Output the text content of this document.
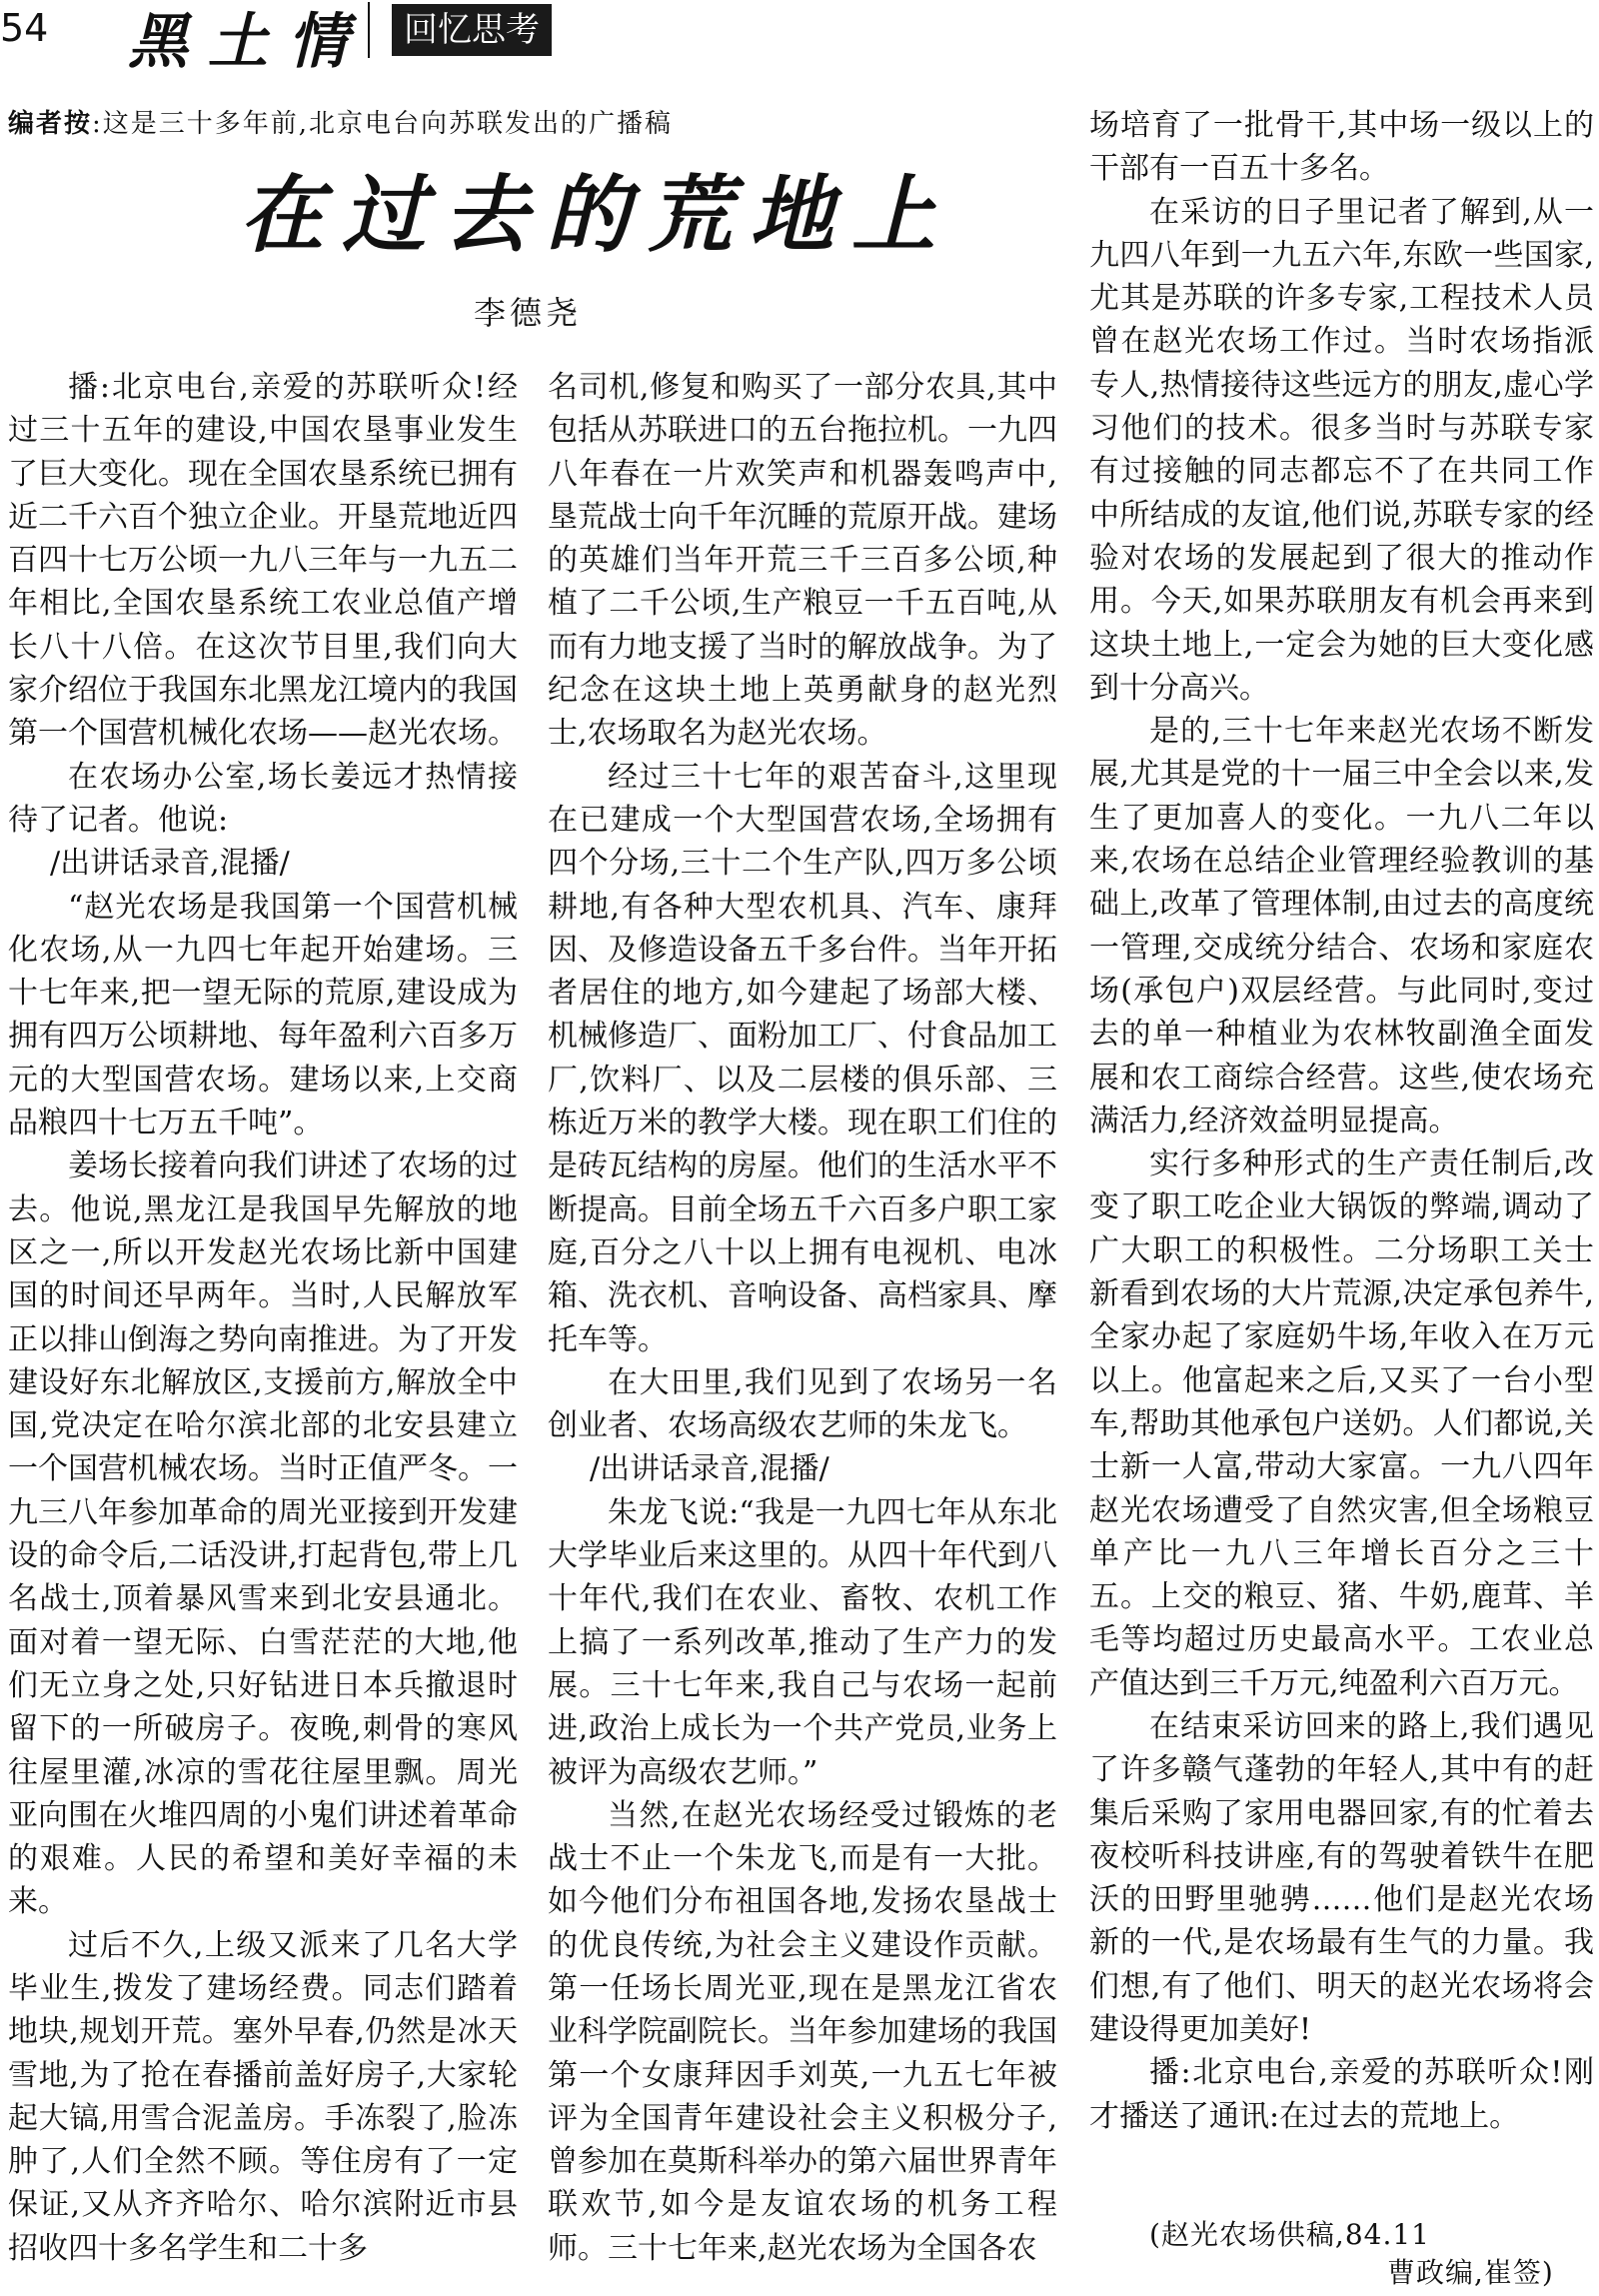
54 黑土情	回忆思考
编者按:这是三十多年前,北京电台向苏联发出的广播稿
在过去的荒地上
李德尧

播:北京电台,亲爱的苏联听众!经过三十五年的建设,中国农垦事业发生了巨大变化。现在全国农垦系统已拥有近二千六百个独立企业。开垦荒地近四百四十七万公顷一九八三年与一九五二年相比,全国农垦系统工农业总值产增长八十八倍。在这次节目里,我们向大家介绍位于我国东北黑龙江境内的我国第一个国营机械化农场——赵光农场。

在农场办公室,场长姜远才热情接待了记者。他说:

/出讲话录音,混播/

“赵光农场是我国第一个国营机械化农场,从一九四七年起开始建场。三十七年来,把一望无际的荒原,建设成为拥有四万公顷耕地、每年盈利六百多万元的大型国营农场。建场以来,上交商品粮四十七万五千吨”。

姜场长接着向我们讲述了农场的过去。他说,黑龙江是我国早先解放的地区之一,所以开发赵光农场比新中国建国的时间还早两年。当时,人民解放军正以排山倒海之势向南推进。为了开发建设好东北解放区,支援前方,解放全中国,党决定在哈尔滨北部的北安县建立一个国营机械农场。当时正值严冬。一九三八年参加革命的周光亚接到开发建设的命令后,二话没讲,打起背包,带上几名战士,顶着暴风雪来到北安县通北。面对着一望无际、白雪茫茫的大地,他们无立身之处,只好钻进日本兵撤退时留下的一所破房子。夜晚,刺骨的寒风往屋里灌,冰凉的雪花往屋里飘。周光亚向围在火堆四周的小鬼们讲述着革命的艰难。人民的希望和美好幸福的未来。

过后不久,上级又派来了几名大学毕业生,拨发了建场经费。同志们踏着地块,规划开荒。塞外早春,仍然是冰天雪地,为了抢在春播前盖好房子,大家轮起大镐,用雪合泥盖房。手冻裂了,脸冻肿了,人们全然不顾。等住房有了一定保证,又从齐齐哈尔、哈尔滨附近市县招收四十多名学生和二十多

名司机,修复和购买了一部分农具,其中包括从苏联进口的五台拖拉机。一九四八年春在一片欢笑声和机器轰鸣声中,垦荒战士向千年沉睡的荒原开战。建场的英雄们当年开荒三千三百多公顷,种植了二千公顷,生产粮豆一千五百吨,从而有力地支援了当时的解放战争。为了纪念在这块土地上英勇献身的赵光烈士,农场取名为赵光农场。

经过三十七年的艰苦奋斗,这里现在已建成一个大型国营农场,全场拥有四个分场,三十二个生产队,四万多公顷耕地,有各种大型农机具、汽车、康拜因、及修造设备五千多台件。当年开拓者居住的地方,如今建起了场部大楼、机械修造厂、面粉加工厂、付食品加工厂,饮料厂、以及二层楼的俱乐部、三栋近万米的教学大楼。现在职工们住的是砖瓦结构的房屋。他们的生活水平不断提高。目前全场五千六百多户职工家庭,百分之八十以上拥有电视机、电冰箱、洗衣机、音响设备、高档家具、摩托车等。

在大田里,我们见到了农场另一名创业者、农场高级农艺师的朱龙飞。

/出讲话录音,混播/

朱龙飞说:“我是一九四七年从东北大学毕业后来这里的。从四十年代到八十年代,我们在农业、畜牧、农机工作上搞了一系列改革,推动了生产力的发展。三十七年来,我自己与农场一起前进,政治上成长为一个共产党员,业务上被评为高级农艺师。”

当然,在赵光农场经受过锻炼的老战士不止一个朱龙飞,而是有一大批。如今他们分布祖国各地,发扬农垦战士的优良传统,为社会主义建设作贡献。第一任场长周光亚,现在是黑龙江省农业科学院副院长。当年参加建场的我国第一个女康拜因手刘英,一九五七年被评为全国青年建设社会主义积极分子,曾参加在莫斯科举办的第六届世界青年联欢节,如今是友谊农场的机务工程师。三十七年来,赵光农场为全国各农

场培育了一批骨干,其中场一级以上的干部有一百五十多名。

在采访的日子里记者了解到,从一九四八年到一九五六年,东欧一些国家,尤其是苏联的许多专家,工程技术人员曾在赵光农场工作过。当时农场指派专人,热情接待这些远方的朋友,虚心学习他们的技术。很多当时与苏联专家有过接触的同志都忘不了在共同工作中所结成的友谊,他们说,苏联专家的经验对农场的发展起到了很大的推动作用。今天,如果苏联朋友有机会再来到这块土地上,一定会为她的巨大变化感到十分高兴。

是的,三十七年来赵光农场不断发展,尤其是党的十一届三中全会以来,发生了更加喜人的变化。一九八二年以来,农场在总结企业管理经验教训的基础上,改革了管理体制,由过去的高度统一管理,交成统分结合、农场和家庭农场(承包户)双层经营。与此同时,变过去的单一种植业为农林牧副渔全面发展和农工商综合经营。这些,使农场充满活力,经济效益明显提高。

实行多种形式的生产责任制后,改变了职工吃企业大锅饭的弊端,调动了广大职工的积极性。二分场职工关士新看到农场的大片荒源,决定承包养牛,全家办起了家庭奶牛场,年收入在万元以上。他富起来之后,又买了一台小型车,帮助其他承包户送奶。人们都说,关士新一人富,带动大家富。一九八四年赵光农场遭受了自然灾害,但全场粮豆单产比一九八三年增长百分之三十五。上交的粮豆、猪、牛奶,鹿茸、羊毛等均超过历史最高水平。工农业总产值达到三千万元,纯盈利六百万元。

在结束采访回来的路上,我们遇见了许多赣气蓬勃的年轻人,其中有的赶集后采购了家用电器回家,有的忙着去夜校听科技讲座,有的驾驶着铁牛在肥沃的田野里驰骋……他们是赵光农场新的一代,是农场最有生气的力量。我们想,有了他们、明天的赵光农场将会建设得更加美好!

播:北京电台,亲爱的苏联听众!刚才播送了通讯:在过去的荒地上。

(赵光农场供稿,84.11
曹政编,崔签)
